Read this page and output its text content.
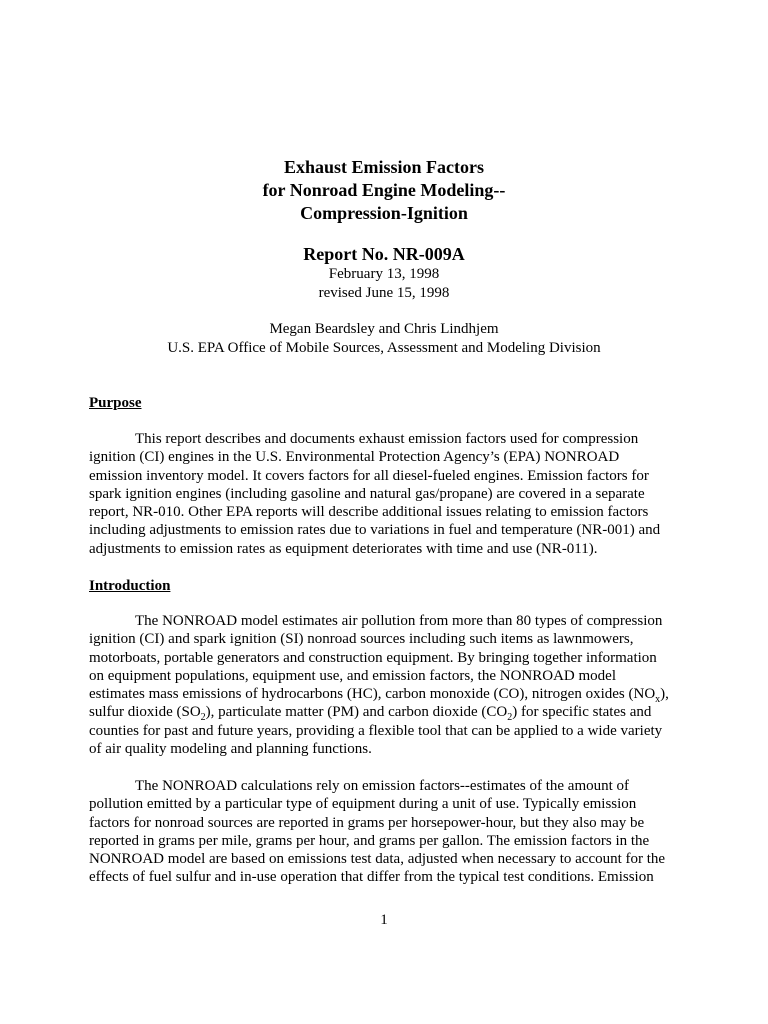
Exhaust Emission Factors
for Nonroad Engine Modeling--
Compression-Ignition
Report No. NR-009A
February 13, 1998
revised June 15, 1998
Megan Beardsley and Chris Lindhjem
U.S. EPA Office of Mobile Sources, Assessment and Modeling Division
Purpose
This report describes and documents exhaust emission factors used for compression
ignition (CI) engines in the U.S. Environmental Protection Agency’s (EPA) NONROAD
emission inventory model. It covers factors for all diesel-fueled engines. Emission factors for
spark ignition engines (including gasoline and natural gas/propane) are covered in a separate
report, NR-010. Other EPA reports will describe additional issues relating to emission factors
including adjustments to emission rates due to variations in fuel and temperature (NR-001) and
adjustments to emission rates as equipment deteriorates with time and use (NR-011).
Introduction
The NONROAD model estimates air pollution from more than 80 types of compression
ignition (CI) and spark ignition (SI) nonroad sources including such items as lawnmowers,
motorboats, portable generators and construction equipment. By bringing together information
on equipment populations, equipment use, and emission factors, the NONROAD model
estimates mass emissions of hydrocarbons (HC), carbon monoxide (CO), nitrogen oxides $(NO_x)$,
sulfur dioxide $(SO_2)$, particulate matter (PM) and carbon dioxide $(CO_2)$ for specific states and
counties for past and future years, providing a flexible tool that can be applied to a wide variety
of air quality modeling and planning functions.
The NONROAD calculations rely on emission factors--estimates of the amount of
pollution emitted by a particular type of equipment during a unit of use. Typically emission
factors for nonroad sources are reported in grams per horsepower-hour, but they also may be
reported in grams per mile, grams per hour, and grams per gallon. The emission factors in the
NONROAD model are based on emissions test data, adjusted when necessary to account for the
effects of fuel sulfur and in-use operation that differ from the typical test conditions. Emission
1
